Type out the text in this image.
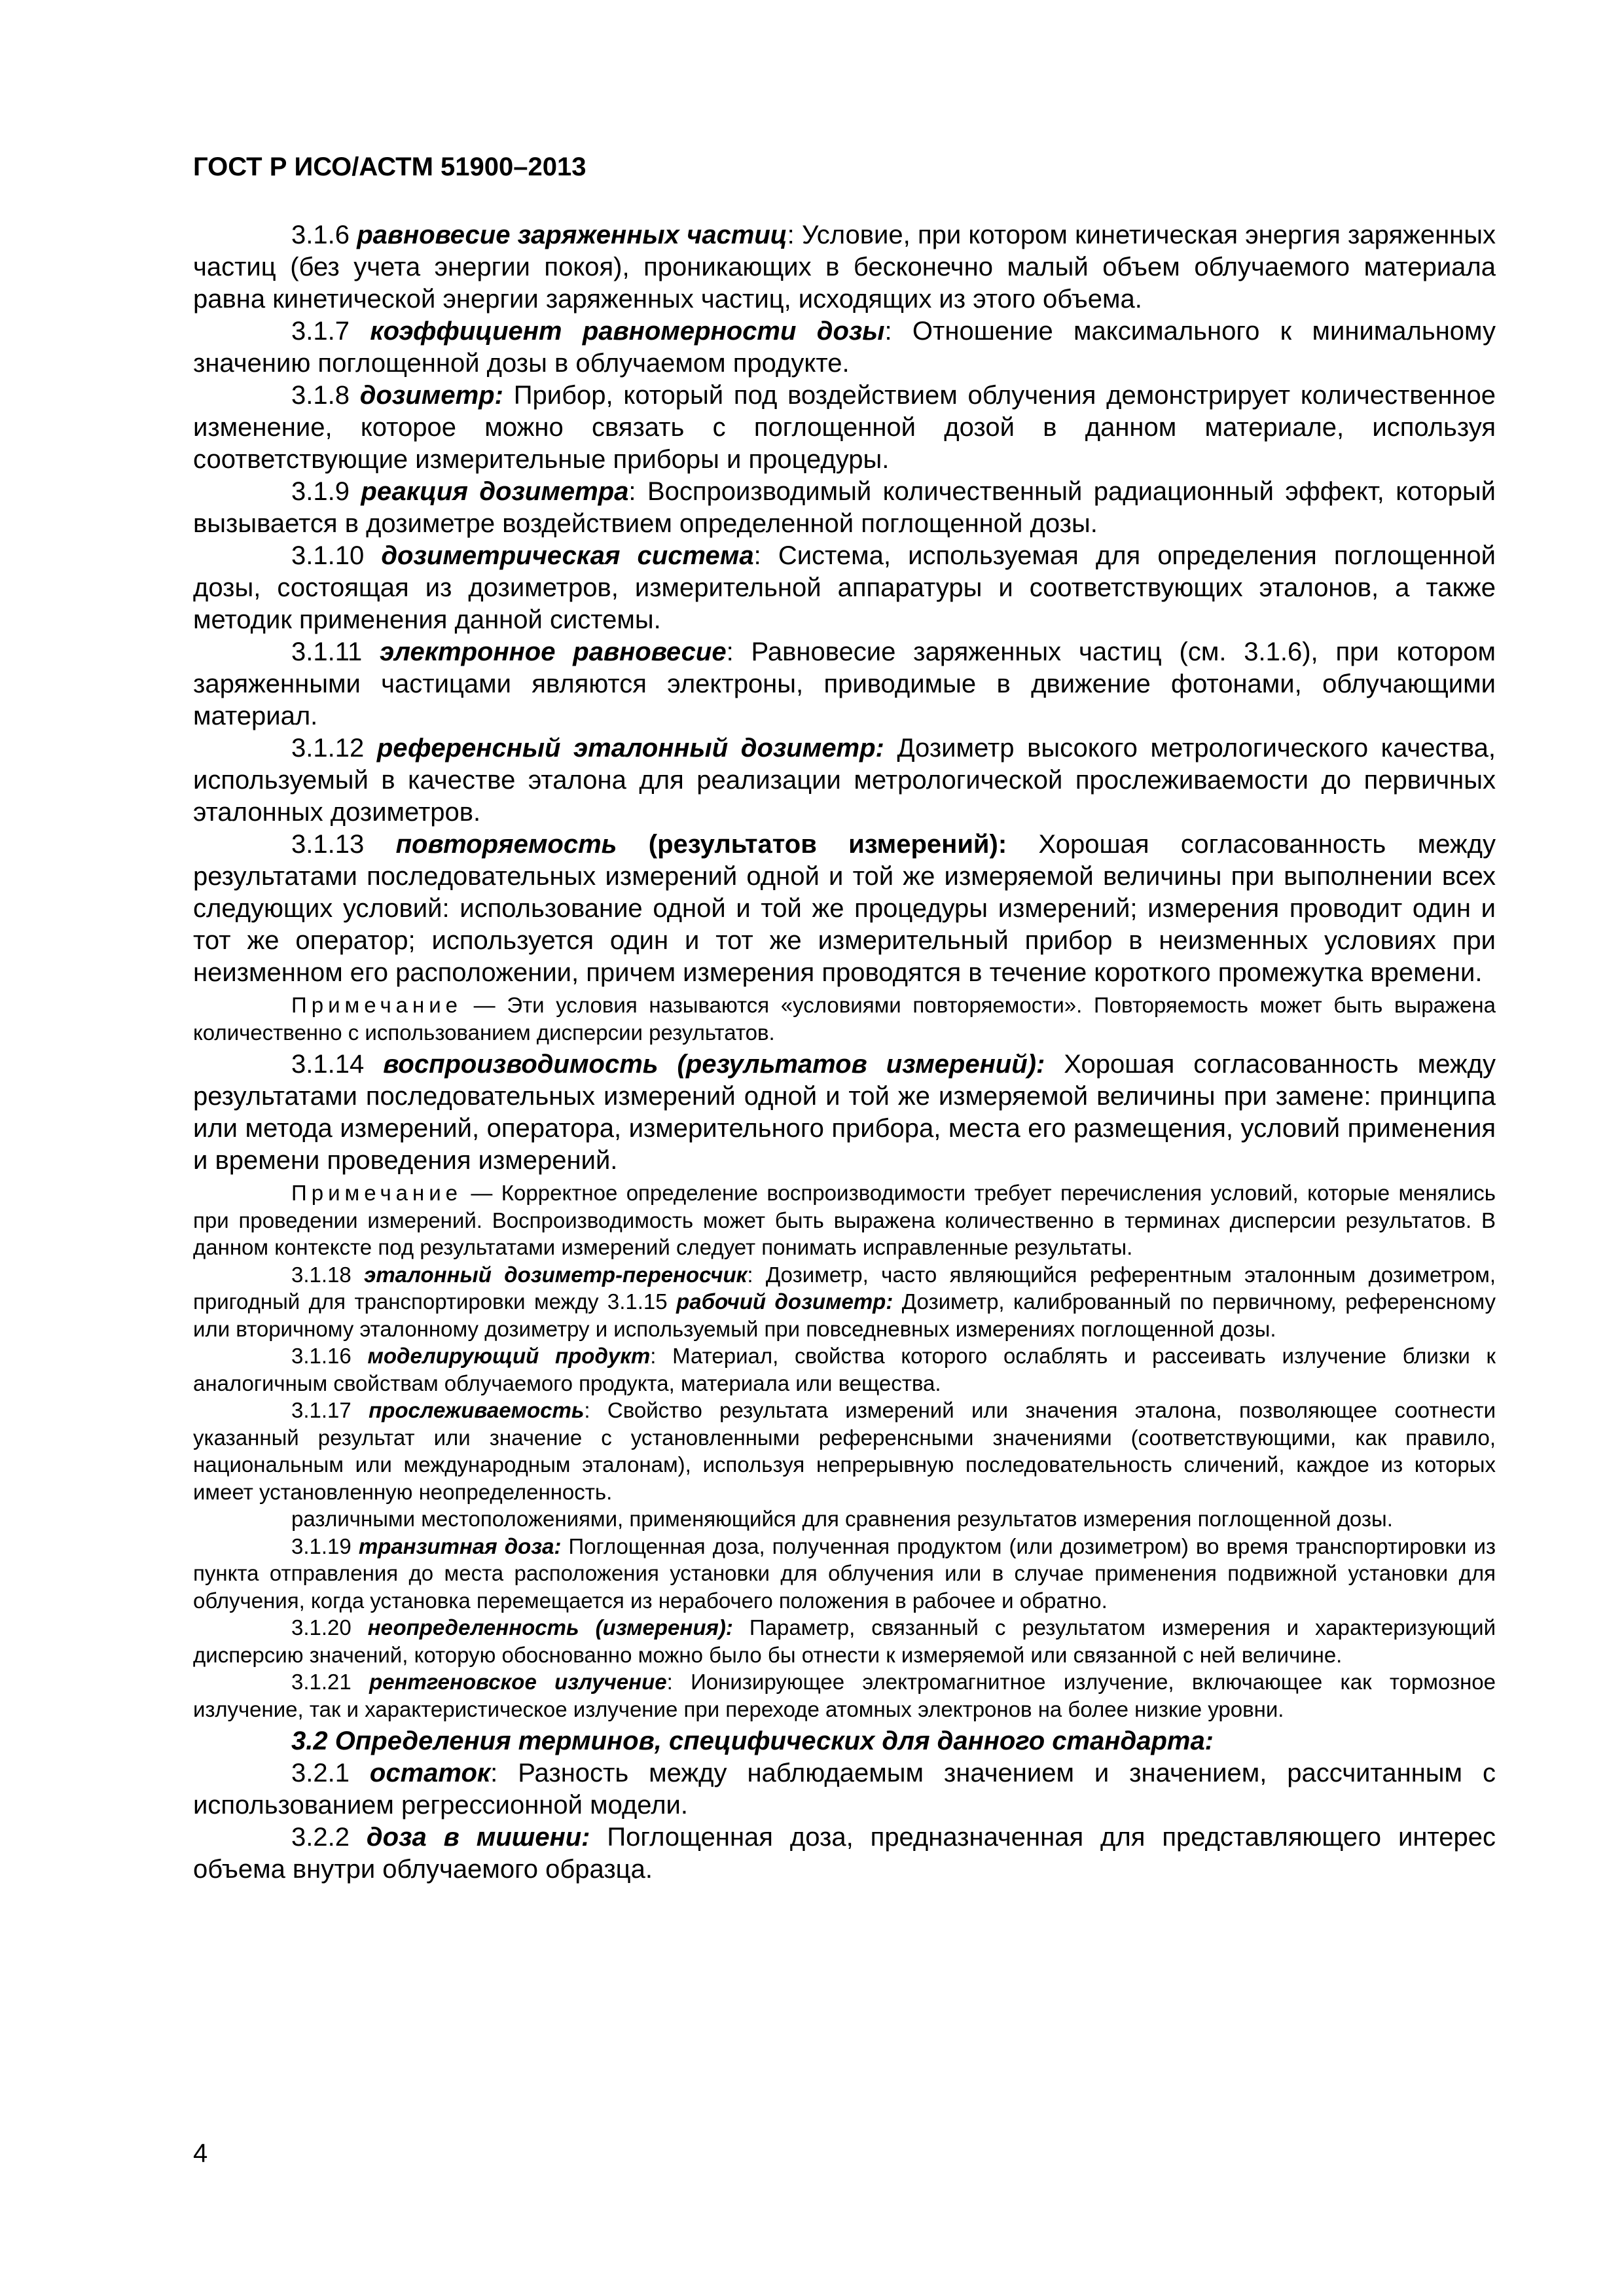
ГОСТ Р ИСО/АСТМ 51900–2013

3.1.6 равновесие заряженных частиц: Условие, при котором кинетическая энергия заряженных частиц (без учета энергии покоя), проникающих в бесконечно малый объем облучаемого материала равна кинетической энергии заряженных частиц, исходящих из этого объема.

3.1.7 коэффициент равномерности дозы: Отношение максимального к минимальному значению поглощенной дозы в облучаемом продукте.

3.1.8 дозиметр: Прибор, который под воздействием облучения демонстрирует количественное изменение, которое можно связать с поглощенной дозой в данном материале, используя соответствующие измерительные приборы и процедуры.

3.1.9 реакция дозиметра: Воспроизводимый количественный радиационный эффект, который вызывается в дозиметре воздействием определенной поглощенной дозы.

3.1.10 дозиметрическая система: Система, используемая для определения поглощенной дозы, состоящая из дозиметров, измерительной аппаратуры и соответствующих эталонов, а также методик применения данной системы.

3.1.11 электронное равновесие: Равновесие заряженных частиц (см. 3.1.6), при котором заряженными частицами являются электроны, приводимые в движение фотонами, облучающими материал.

3.1.12 референсный эталонный дозиметр: Дозиметр высокого метрологического качества, используемый в качестве эталона для реализации метрологической прослеживаемости до первичных эталонных дозиметров.

3.1.13 повторяемость (результатов измерений): Хорошая согласованность между результатами последовательных измерений одной и той же измеряемой величины при выполнении всех следующих условий: использование одной и той же процедуры измерений; измерения проводит один и тот же оператор; используется один и тот же измерительный прибор в неизменных условиях при неизменном его расположении, причем измерения проводятся в течение короткого промежутка времени.

Примечание — Эти условия называются «условиями повторяемости». Повторяемость может быть выражена количественно с использованием дисперсии результатов.

3.1.14 воспроизводимость (результатов измерений): Хорошая согласованность между результатами последовательных измерений одной и той же измеряемой величины при замене: принципа или метода измерений, оператора, измерительного прибора, места его размещения, условий применения и времени проведения измерений.

Примечание — Корректное определение воспроизводимости требует перечисления условий, которые менялись при проведении измерений. Воспроизводимость может быть выражена количественно в терминах дисперсии результатов. В данном контексте под результатами измерений следует понимать исправленные результаты.

3.1.18 эталонный дозиметр-переносчик: Дозиметр, часто являющийся референтным эталонным дозиметром, пригодный для транспортировки между 3.1.15 рабочий дозиметр: Дозиметр, калиброванный по первичному, референсному или вторичному эталонному дозиметру и используемый при повседневных измерениях поглощенной дозы.

3.1.16 моделирующий продукт: Материал, свойства которого ослаблять и рассеивать излучение близки к аналогичным свойствам облучаемого продукта, материала или вещества.

3.1.17 прослеживаемость: Свойство результата измерений или значения эталона, позволяющее соотнести указанный результат или значение с установленными референсными значениями (соответствующими, как правило, национальным или международным эталонам), используя непрерывную последовательность сличений, каждое из которых имеет установленную неопределенность.

различными местоположениями, применяющийся для сравнения результатов измерения поглощенной дозы.

3.1.19 транзитная доза: Поглощенная доза, полученная продуктом (или дозиметром) во время транспортировки из пункта отправления до места расположения установки для облучения или в случае применения подвижной установки для облучения, когда установка перемещается из нерабочего положения в рабочее и обратно.

3.1.20 неопределенность (измерения): Параметр, связанный с результатом измерения и характеризующий дисперсию значений, которую обоснованно можно было бы отнести к измеряемой или связанной с ней величине.

3.1.21 рентгеновское излучение: Ионизирующее электромагнитное излучение, включающее как тормозное излучение, так и характеристическое излучение при переходе атомных электронов на более низкие уровни.

3.2 Определения терминов, специфических для данного стандарта:

3.2.1 остаток: Разность между наблюдаемым значением и значением, рассчитанным с использованием регрессионной модели.

3.2.2 доза в мишени: Поглощенная доза, предназначенная для представляющего интерес объема внутри облучаемого образца.

4
